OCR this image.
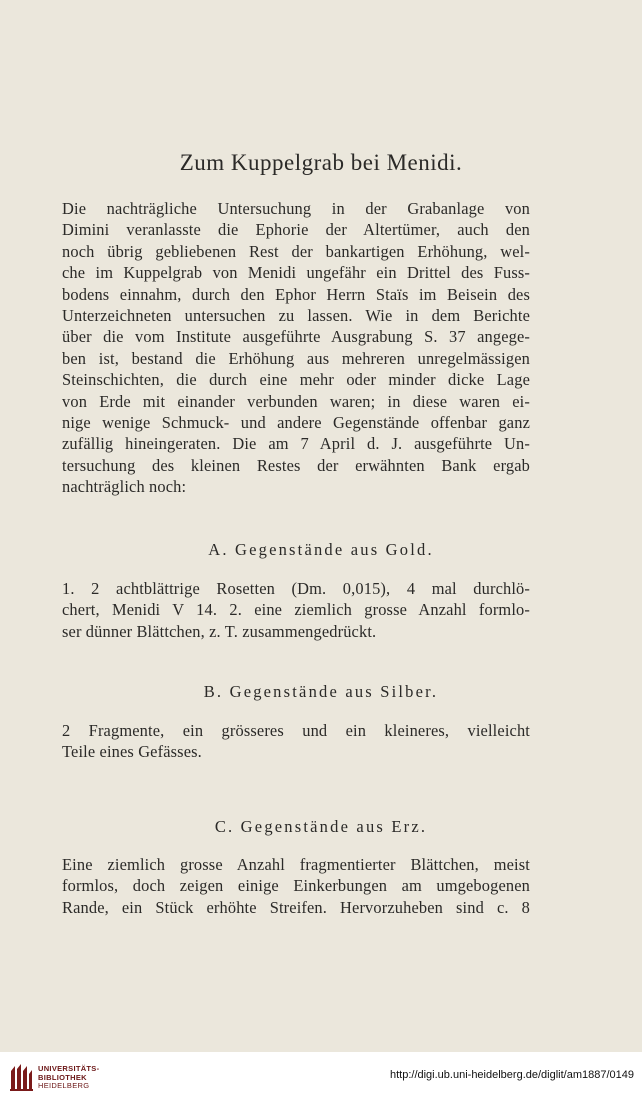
Zum Kuppelgrab bei Menidi.
Die nachträgliche Untersuchung in der Grabanlage von
Dimini veranlasste die Ephorie der Altertümer, auch den
noch übrig gebliebenen Rest der bankartigen Erhöhung, wel-
che im Kuppelgrab von Menidi ungefähr ein Drittel des Fuss-
bodens einnahm, durch den Ephor Herrn Staïs im Beisein des
Unterzeichneten untersuchen zu lassen. Wie in dem Berichte
über die vom Institute ausgeführte Ausgrabung S. 37 angege-
ben ist, bestand die Erhöhung aus mehreren unregelmässigen
Steinschichten, die durch eine mehr oder minder dicke Lage
von Erde mit einander verbunden waren; in diese waren ei-
nige wenige Schmuck- und andere Gegenstände offenbar ganz
zufällig hineingeraten. Die am 7 April d. J. ausgeführte Un-
tersuchung des kleinen Restes der erwähnten Bank ergab
nachträglich noch:
A. Gegenstände aus Gold.
1. 2 achtblättrige Rosetten (Dm. 0,015), 4 mal durchlö-
chert, Menidi V 14. 2. eine ziemlich grosse Anzahl formlo-
ser dünner Blättchen, z. T. zusammengedrückt.
B. Gegenstände aus Silber.
2 Fragmente, ein grösseres und ein kleineres, vielleicht
Teile eines Gefässes.
C. Gegenstände aus Erz.
Eine ziemlich grosse Anzahl fragmentierter Blättchen, meist
formlos, doch zeigen einige Einkerbungen am umgebogenen
Rande, ein Stück erhöhte Streifen. Hervorzuheben sind c. 8
UNIVERSITÄTS-
BIBLIOTHEK
HEIDELBERG
http://digi.ub.uni-heidelberg.de/diglit/am1887/0149
